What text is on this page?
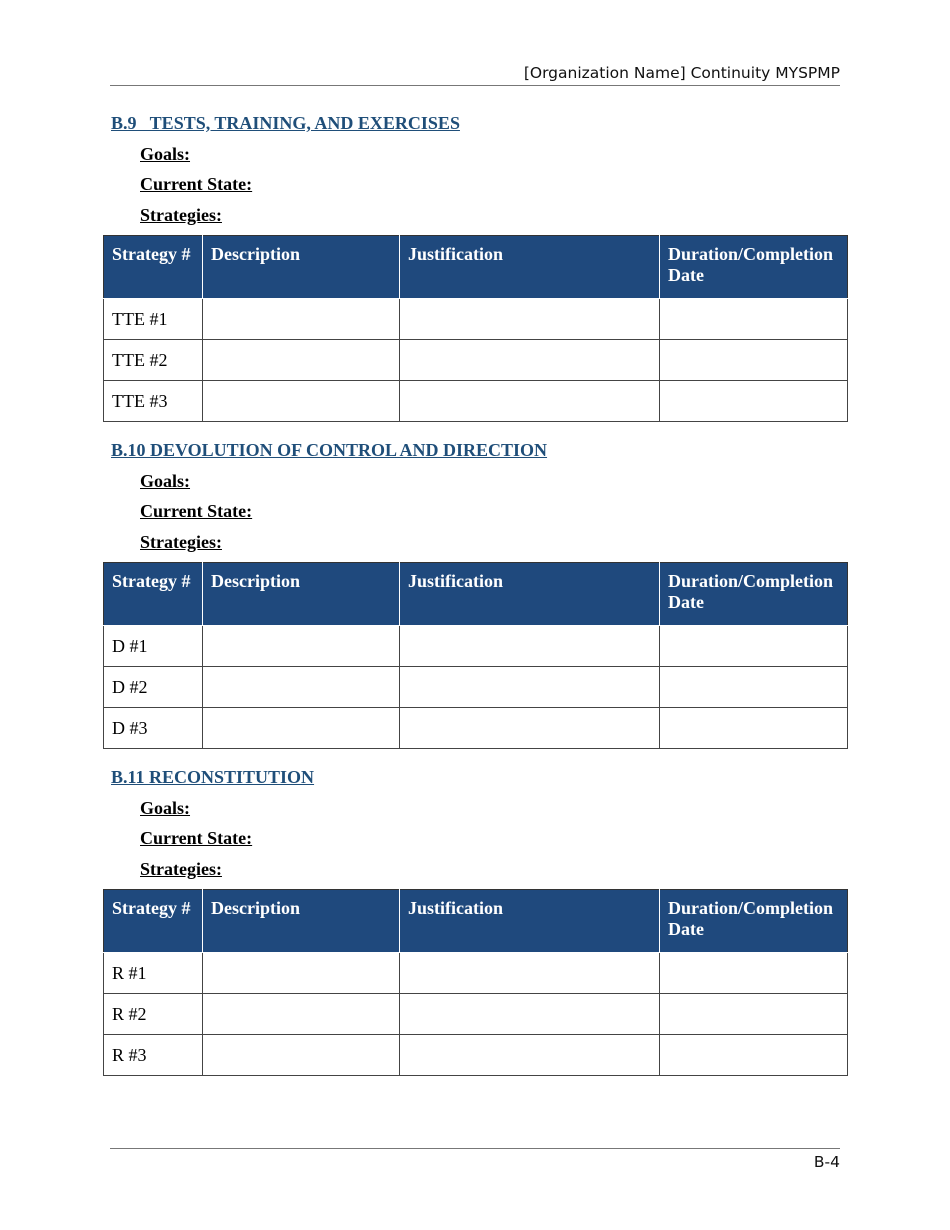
[Organization Name] Continuity MYSPMP
B.9   TESTS, TRAINING, AND EXERCISES
Goals:
Current State:
Strategies:
Strategy #	Description	Justification	Duration/Completion Date
TTE #1			
TTE #2			
TTE #3			
B.10 DEVOLUTION OF CONTROL AND DIRECTION
Goals:
Current State:
Strategies:
Strategy #	Description	Justification	Duration/Completion Date
D #1			
D #2			
D #3			
B.11 RECONSTITUTION
Goals:
Current State:
Strategies:
Strategy #	Description	Justification	Duration/Completion Date
R #1			
R #2			
R #3			
B-4
